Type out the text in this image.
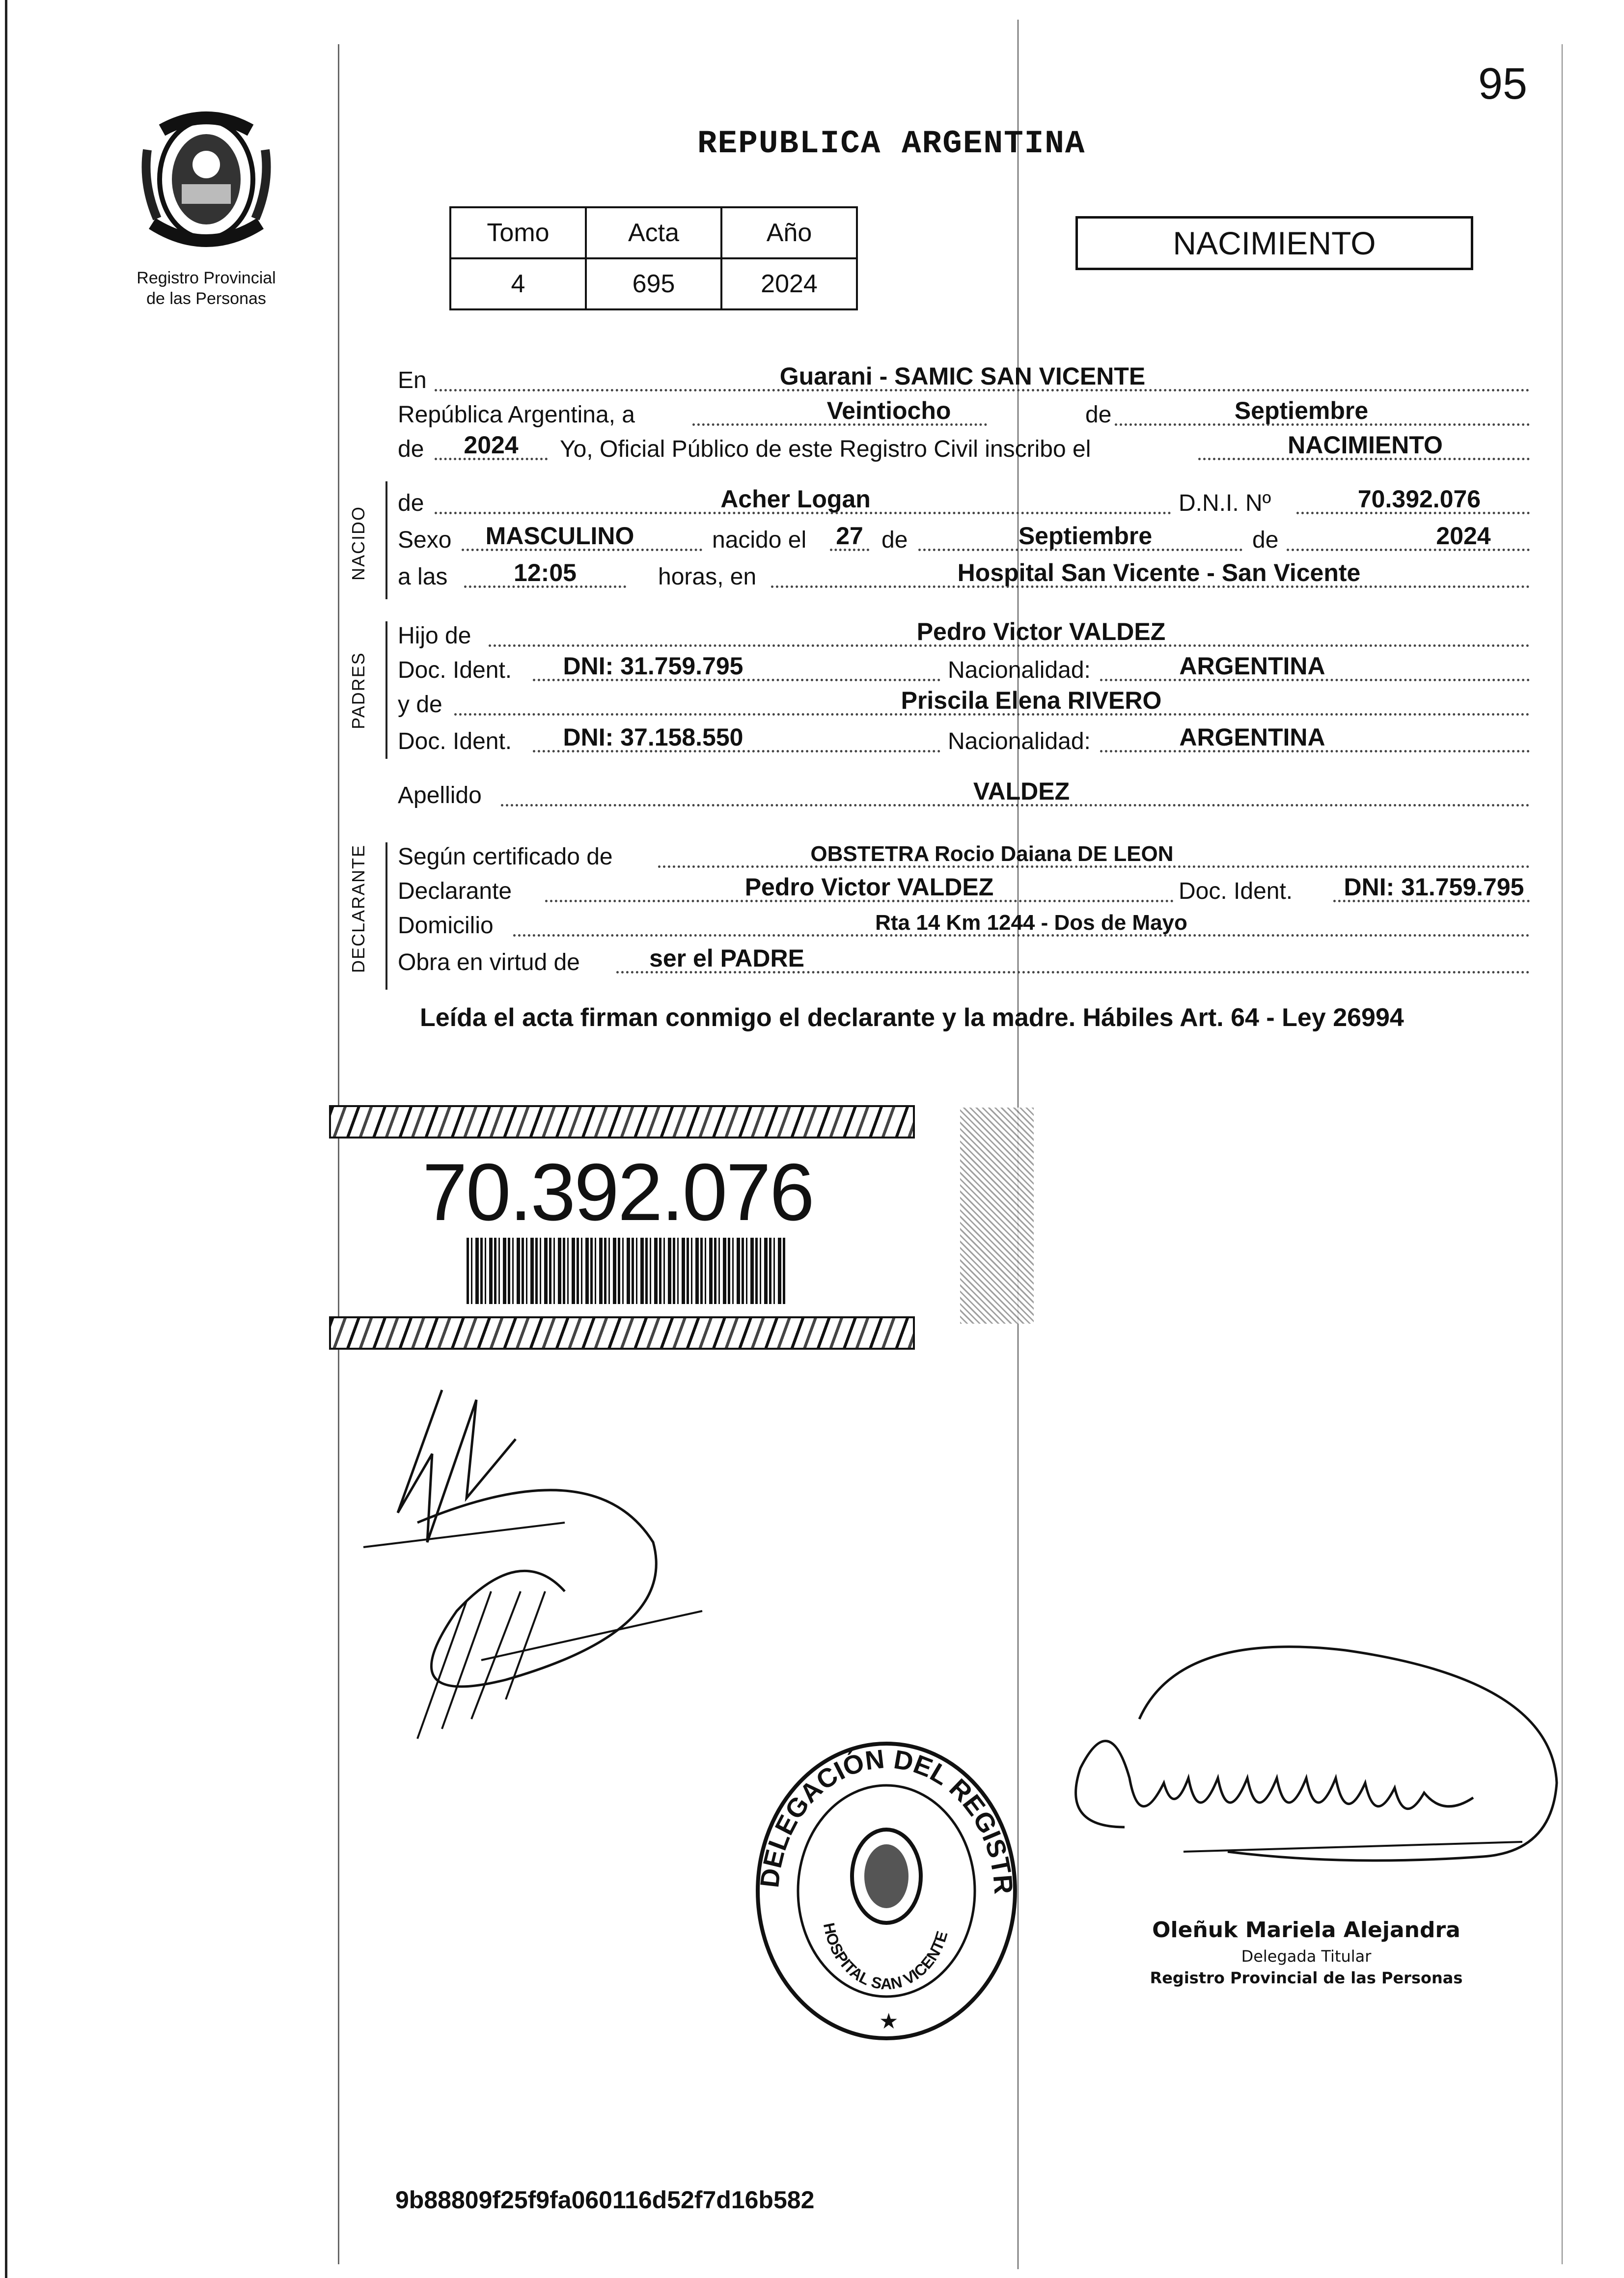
95
Registro Provincial
de las Personas
REPUBLICA ARGENTINA
Tomo	Acta	Año
4	695	2024
NACIMIENTO
En	Guarani - SAMIC SAN VICENTE
República Argentina, a	Veintiocho	de	Septiembre
de 2024 Yo, Oficial Público de este Registro Civil inscribo el	NACIMIENTO
NACIDO
de	Acher Logan	D.N.I. Nº	70.392.076
Sexo MASCULINO	nacido el 27 de	Septiembre	de	2024
a las	12:05	horas, en	Hospital San Vicente - San Vicente
PADRES
Hijo de	Pedro Victor VALDEZ
Doc. Ident. DNI: 31.759.795	Nacionalidad:	ARGENTINA
y de	Priscila Elena RIVERO
Doc. Ident. DNI: 37.158.550	Nacionalidad:	ARGENTINA
Apellido	VALDEZ
DECLARANTE Según certificado de	OBSTETRA Rocio Daiana DE LEON
Declarante	Pedro Victor VALDEZ	Doc. Ident. DNI: 31.759.795
Domicilio	Rta 14 Km 1244 - Dos de Mayo
Obra en virtud de	ser el PADRE
Leída el acta firman conmigo el declarante y la madre. Hábiles Art. 64 - Ley 26994
70.392.076
DELEGACIÓN DEL REGISTR
HOSPITAL SAN VICENTE
★
Oleñuk Mariela Alejandra
Delegada Titular
Registro Provincial de las Personas
9b88809f25f9fa060116d52f7d16b582
